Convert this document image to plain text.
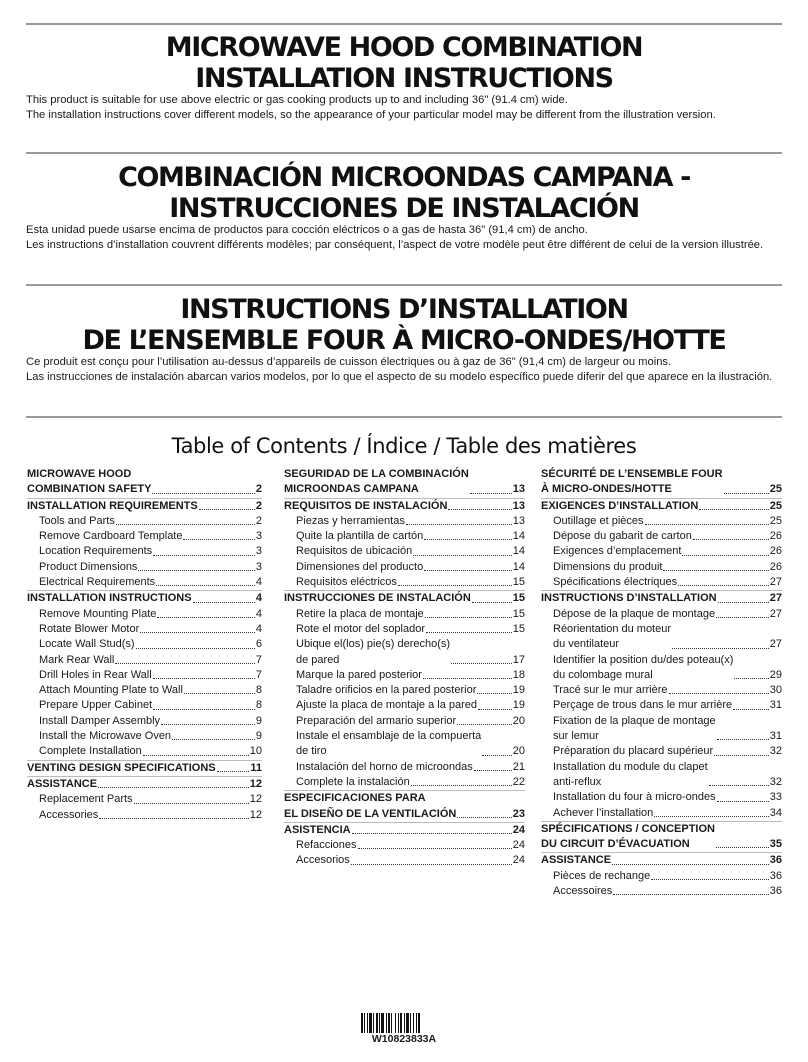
MICROWAVE HOOD COMBINATION
INSTALLATION INSTRUCTIONS

This product is suitable for use above electric or gas cooking products up to and including 36" (91.4 cm) wide.

The installation instructions cover different models, so the appearance of your particular model may be different from the illustration version.

COMBINACIÓN MICROONDAS CAMPANA -
INSTRUCCIONES DE INSTALACIÓN

Esta unidad puede usarse encima de productos para cocción eléctricos o a gas de hasta 36" (91,4 cm) de ancho.

Les instructions d’installation couvrent différents modèles; par conséquent, l’aspect de votre modèle peut être différent de celui de la version illustrée.

INSTRUCTIONS D’INSTALLATION
DE L’ENSEMBLE FOUR À MICRO-ONDES/HOTTE

Ce produit est conçu pour l’utilisation au-dessus d’appareils de cuisson électriques ou à gaz de 36" (91,4 cm) de largeur ou moins.

Las instrucciones de instalación abarcan varios modelos, por lo que el aspecto de su modelo específico puede diferir del que aparece en la ilustración.

Table of Contents / Índice / Table des matières
MICROWAVE HOOD
COMBINATION SAFETY	2
INSTALLATION REQUIREMENTS	2
Tools and Parts	2
Remove Cardboard Template	3
Location Requirements	3
Product Dimensions	3
Electrical Requirements	4
INSTALLATION INSTRUCTIONS	4
Remove Mounting Plate	4
Rotate Blower Motor	4
Locate Wall Stud(s)	6
Mark Rear Wall	7
Drill Holes in Rear Wall	7
Attach Mounting Plate to Wall	8
Prepare Upper Cabinet	8
Install Damper Assembly	9
Install the Microwave Oven	9
Complete Installation	10
VENTING DESIGN SPECIFICATIONS	11
ASSISTANCE	12
Replacement Parts	12
Accessories	12
SEGURIDAD DE LA COMBINACIÓN
MICROONDAS CAMPANA	13
REQUISITOS DE INSTALACIÓN	13
Piezas y herramientas	13
Quite la plantilla de cartón	14
Requisitos de ubicación	14
Dimensiones del producto	14
Requisitos eléctricos	15
INSTRUCCIONES DE INSTALACIÓN	15
Retire la placa de montaje	15
Rote el motor del soplador	15
Ubique el(los) pie(s) derecho(s)
de pared	17
Marque la pared posterior	18
Taladre orificios en la pared posterior	19
Ajuste la placa de montaje a la pared	19
Preparación del armario superior	20
Instale el ensamblaje de la compuerta
de tiro	20
Instalación del horno de microondas	21
Complete la instalación	22
ESPECIFICACIONES PARA
EL DISEÑO DE LA VENTILACIÓN	23
ASISTENCIA	24
Refacciones	24
Accesorios	24
SÉCURITÉ DE L’ENSEMBLE FOUR
À MICRO-ONDES/HOTTE	25
EXIGENCES D’INSTALLATION	25
Outillage et pièces	25
Dépose du gabarit de carton	26
Exigences d’emplacement	26
Dimensions du produit	26
Spécifications électriques	27
INSTRUCTIONS D’INSTALLATION	27
Dépose de la plaque de montage	27
Réorientation du moteur
du ventilateur	27
Identifier la position du/des poteau(x)
du colombage mural	29
Tracé sur le mur arrière	30
Perçage de trous dans le mur arrière	31
Fixation de la plaque de montage
sur lemur	31
Préparation du placard supérieur	32
Installation du module du clapet
anti-reflux	32
Installation du four à micro-ondes	33
Achever l’installation	34
SPÉCIFICATIONS / CONCEPTION
DU CIRCUIT D’ÉVACUATION	35
ASSISTANCE	36
Pièces de rechange	36
Accessoires	36
W10823833A
